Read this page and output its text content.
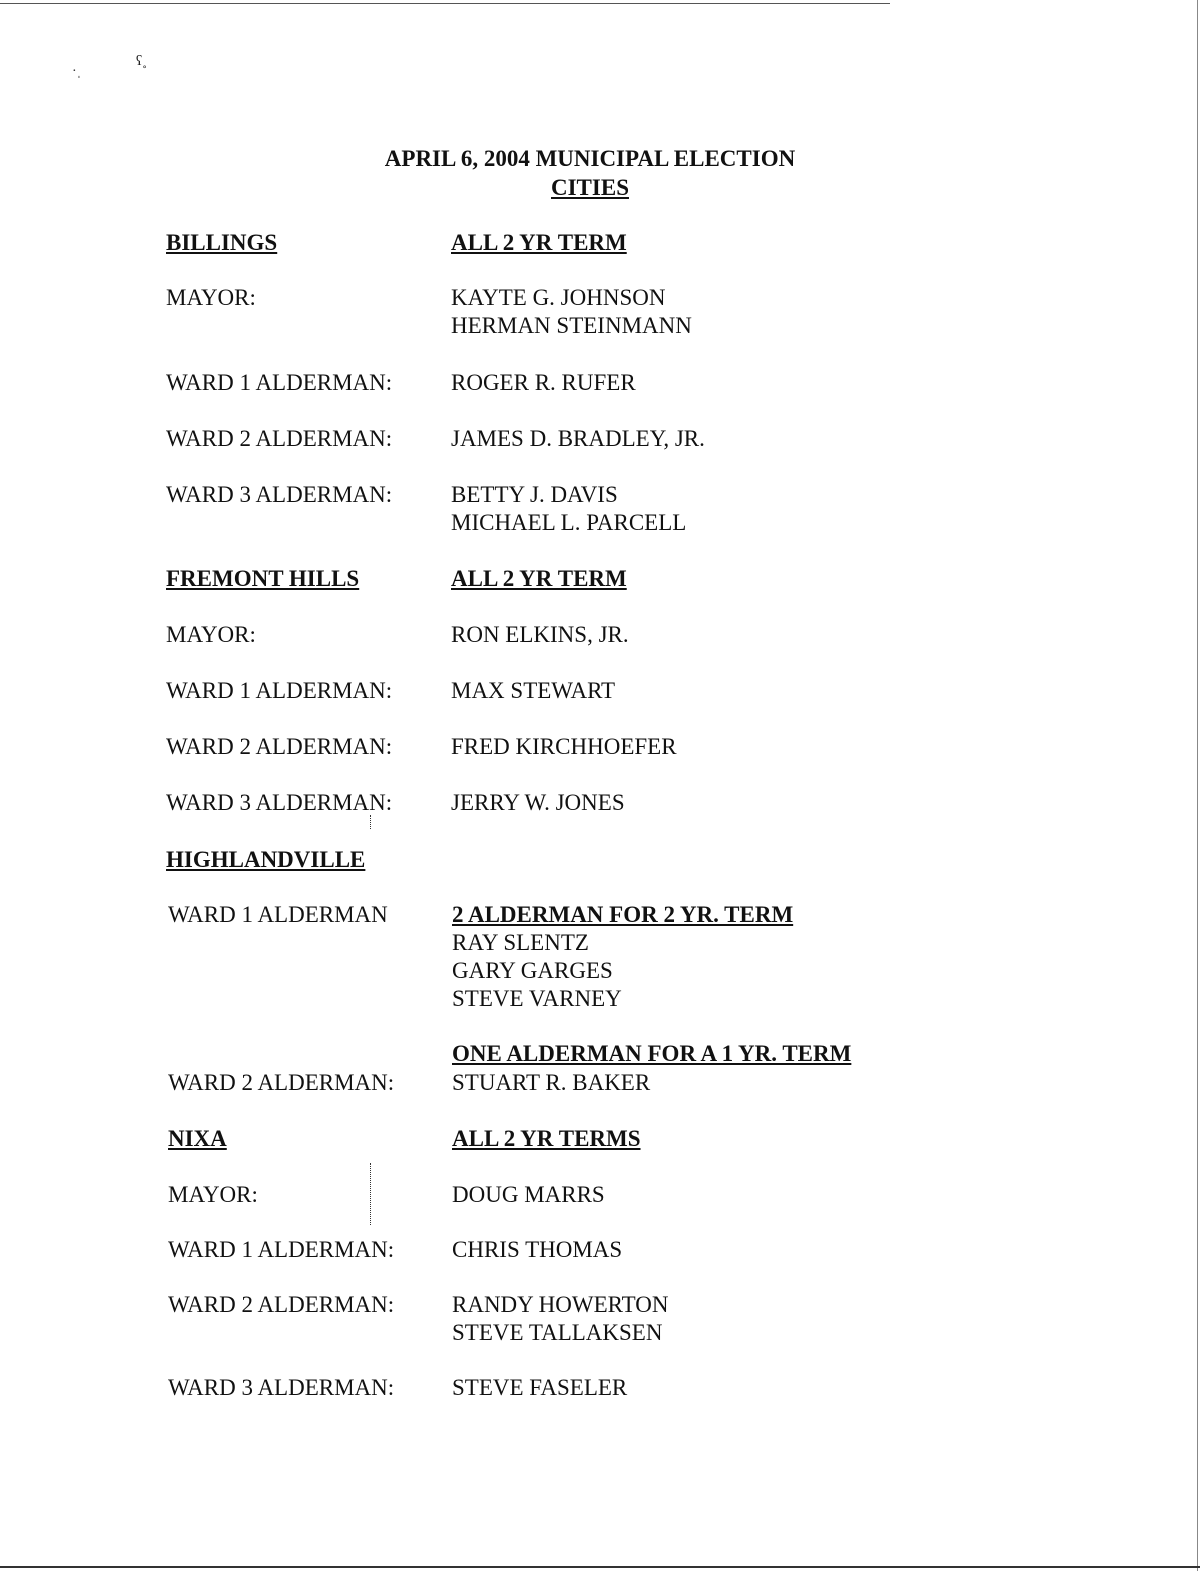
·ˌ
ʕ˳
APRIL 6, 2004 MUNICIPAL ELECTION
CITIES
BILLINGS	ALL 2 YR TERM
MAYOR:	KAYTE G. JOHNSON
HERMAN STEINMANN
WARD 1 ALDERMAN:	ROGER R. RUFER
WARD 2 ALDERMAN:	JAMES D. BRADLEY, JR.
WARD 3 ALDERMAN:	BETTY J. DAVIS
MICHAEL L. PARCELL
FREMONT HILLS	ALL 2 YR TERM
MAYOR:	RON ELKINS, JR.
WARD 1 ALDERMAN:	MAX STEWART
WARD 2 ALDERMAN:	FRED KIRCHHOEFER
WARD 3 ALDERMAN:	JERRY W. JONES
HIGHLANDVILLE
WARD 1 ALDERMAN	2 ALDERMAN FOR 2 YR. TERM
RAY SLENTZ
GARY GARGES
STEVE VARNEY
ONE ALDERMAN FOR A 1 YR. TERM
WARD 2 ALDERMAN:	STUART R. BAKER
NIXA	ALL 2 YR TERMS
MAYOR:	DOUG MARRS
WARD 1 ALDERMAN:	CHRIS THOMAS
WARD 2 ALDERMAN:	RANDY HOWERTON
STEVE TALLAKSEN
WARD 3 ALDERMAN:	STEVE FASELER
